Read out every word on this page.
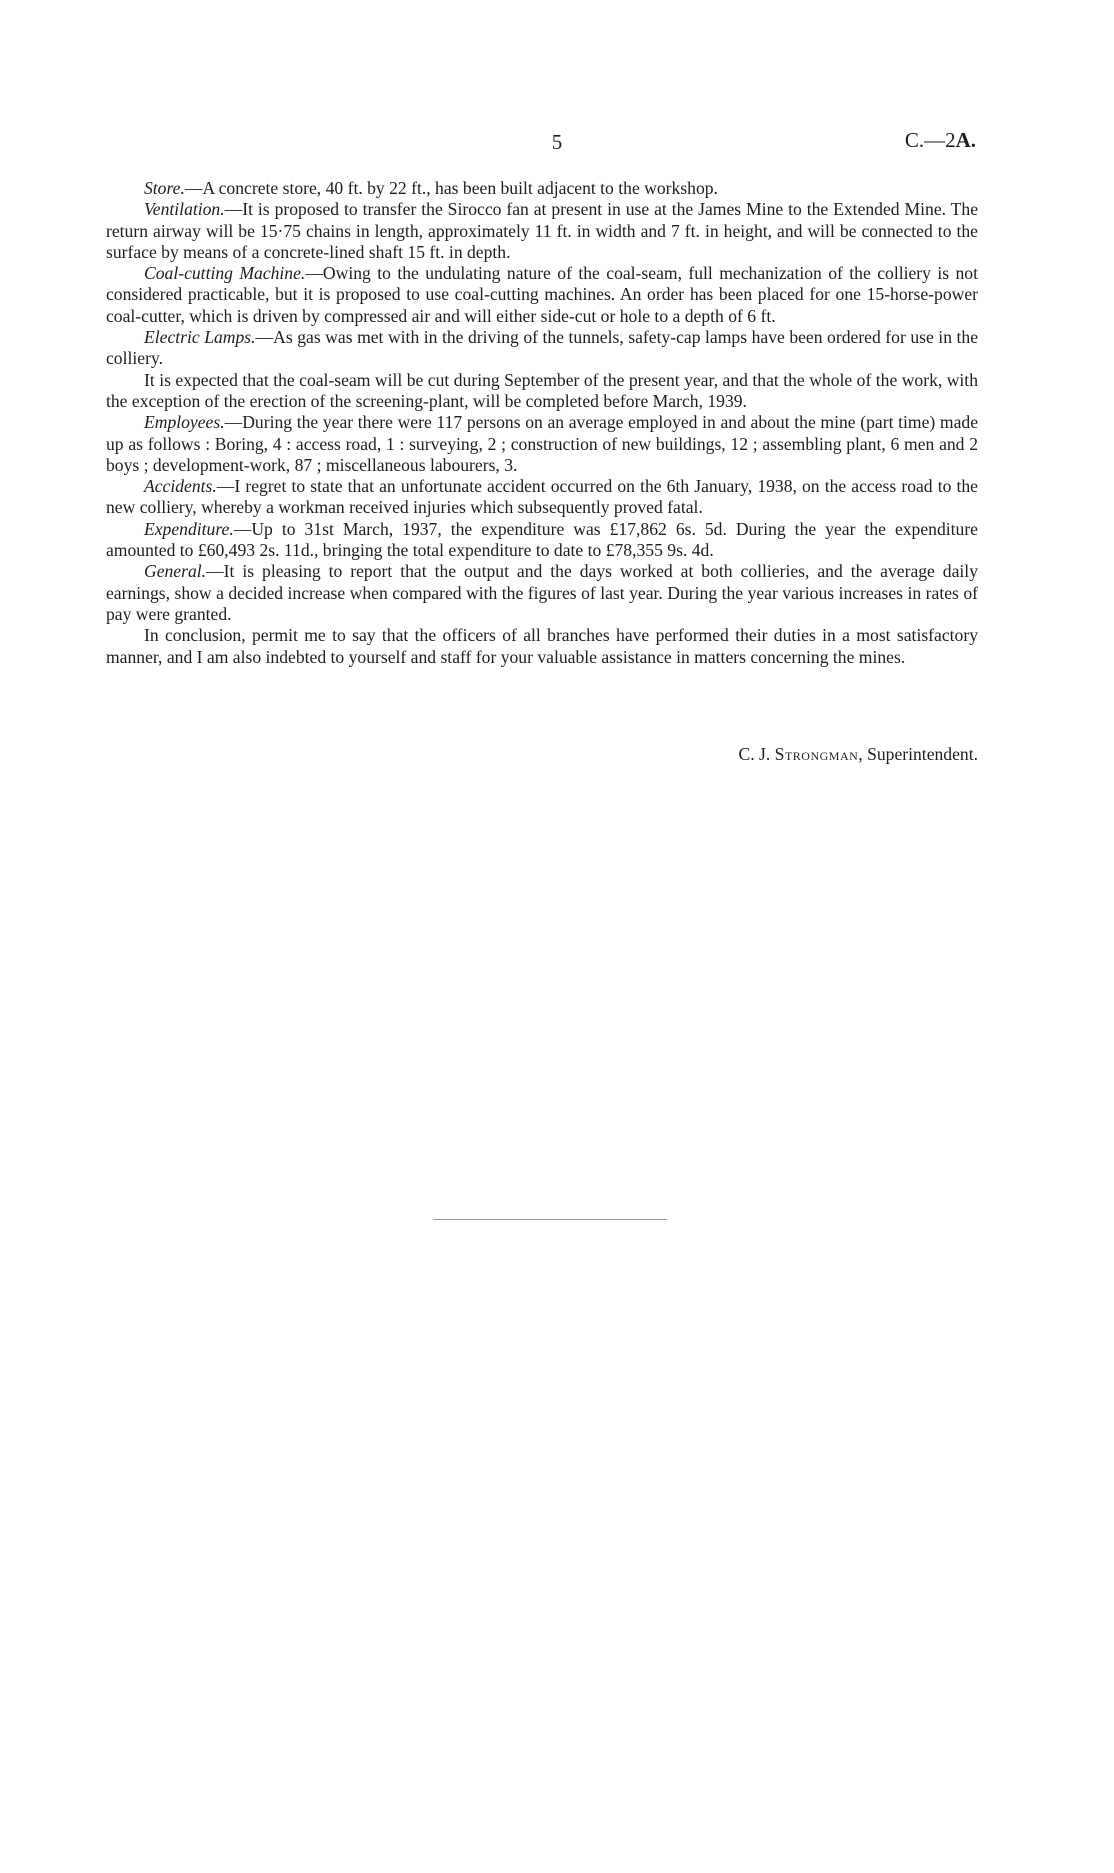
5	C.—2A.

Store.—A concrete store, 40 ft. by 22 ft., has been built adjacent to the workshop.

Ventilation.—It is proposed to transfer the Sirocco fan at present in use at the James Mine to the Extended Mine. The return airway will be 15·75 chains in length, approximately 11 ft. in width and 7 ft. in height, and will be connected to the surface by means of a concrete-lined shaft 15 ft. in depth.

Coal-cutting Machine.—Owing to the undulating nature of the coal-seam, full mechanization of the colliery is not considered practicable, but it is proposed to use coal-cutting machines. An order has been placed for one 15-horse-power coal-cutter, which is driven by compressed air and will either side-cut or hole to a depth of 6 ft.

Electric Lamps.—As gas was met with in the driving of the tunnels, safety-cap lamps have been ordered for use in the colliery.

It is expected that the coal-seam will be cut during September of the present year, and that the whole of the work, with the exception of the erection of the screening-plant, will be completed before March, 1939.

Employees.—During the year there were 117 persons on an average employed in and about the mine (part time) made up as follows : Boring, 4 : access road, 1 : surveying, 2 ; construction of new buildings, 12 ; assembling plant, 6 men and 2 boys ; development-work, 87 ; miscellaneous labourers, 3.

Accidents.—I regret to state that an unfortunate accident occurred on the 6th January, 1938, on the access road to the new colliery, whereby a workman received injuries which subsequently proved fatal.

Expenditure.—Up to 31st March, 1937, the expenditure was £17,862 6s. 5d. During the year the expenditure amounted to £60,493 2s. 11d., bringing the total expenditure to date to £78,355 9s. 4d.

General.—It is pleasing to report that the output and the days worked at both collieries, and the average daily earnings, show a decided increase when compared with the figures of last year. During the year various increases in rates of pay were granted.

In conclusion, permit me to say that the officers of all branches have performed their duties in a most satisfactory manner, and I am also indebted to yourself and staff for your valuable assistance in matters concerning the mines.

C. J. Strongman, Superintendent.
